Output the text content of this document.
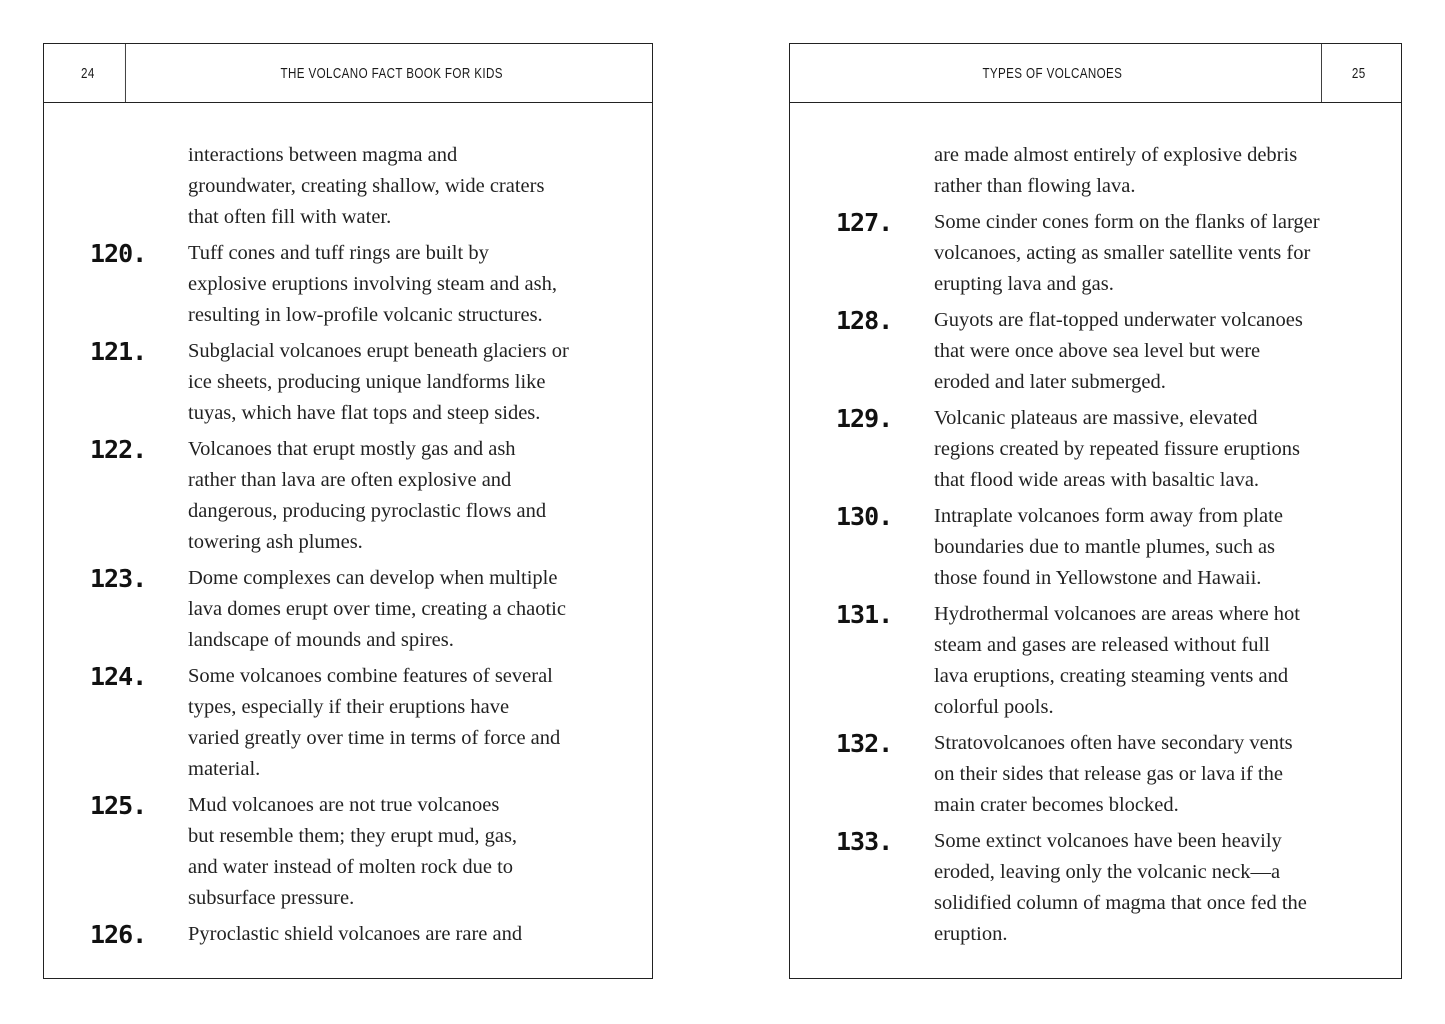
24	THE VOLCANO FACT BOOK FOR KIDS
interactions between magma and
groundwater, creating shallow, wide craters
that often fill with water.
120.	Tuff cones and tuff rings are built by
explosive eruptions involving steam and ash,
resulting in low-profile volcanic structures.
121.	Subglacial volcanoes erupt beneath glaciers or
ice sheets, producing unique landforms like
tuyas, which have flat tops and steep sides.
122.	Volcanoes that erupt mostly gas and ash
rather than lava are often explosive and
dangerous, producing pyroclastic flows and
towering ash plumes.
123.	Dome complexes can develop when multiple
lava domes erupt over time, creating a chaotic
landscape of mounds and spires.
124.	Some volcanoes combine features of several
types, especially if their eruptions have
varied greatly over time in terms of force and
material.
125.	Mud volcanoes are not true volcanoes
but resemble them; they erupt mud, gas,
and water instead of molten rock due to
subsurface pressure.
126.	Pyroclastic shield volcanoes are rare and
TYPES OF VOLCANOES	25
are made almost entirely of explosive debris
rather than flowing lava.
127.	Some cinder cones form on the flanks of larger
volcanoes, acting as smaller satellite vents for
erupting lava and gas.
128.	Guyots are flat-topped underwater volcanoes
that were once above sea level but were
eroded and later submerged.
129.	Volcanic plateaus are massive, elevated
regions created by repeated fissure eruptions
that flood wide areas with basaltic lava.
130.	Intraplate volcanoes form away from plate
boundaries due to mantle plumes, such as
those found in Yellowstone and Hawaii.
131.	Hydrothermal volcanoes are areas where hot
steam and gases are released without full
lava eruptions, creating steaming vents and
colorful pools.
132.	Stratovolcanoes often have secondary vents
on their sides that release gas or lava if the
main crater becomes blocked.
133.	Some extinct volcanoes have been heavily
eroded, leaving only the volcanic neck—a
solidified column of magma that once fed the
eruption.
